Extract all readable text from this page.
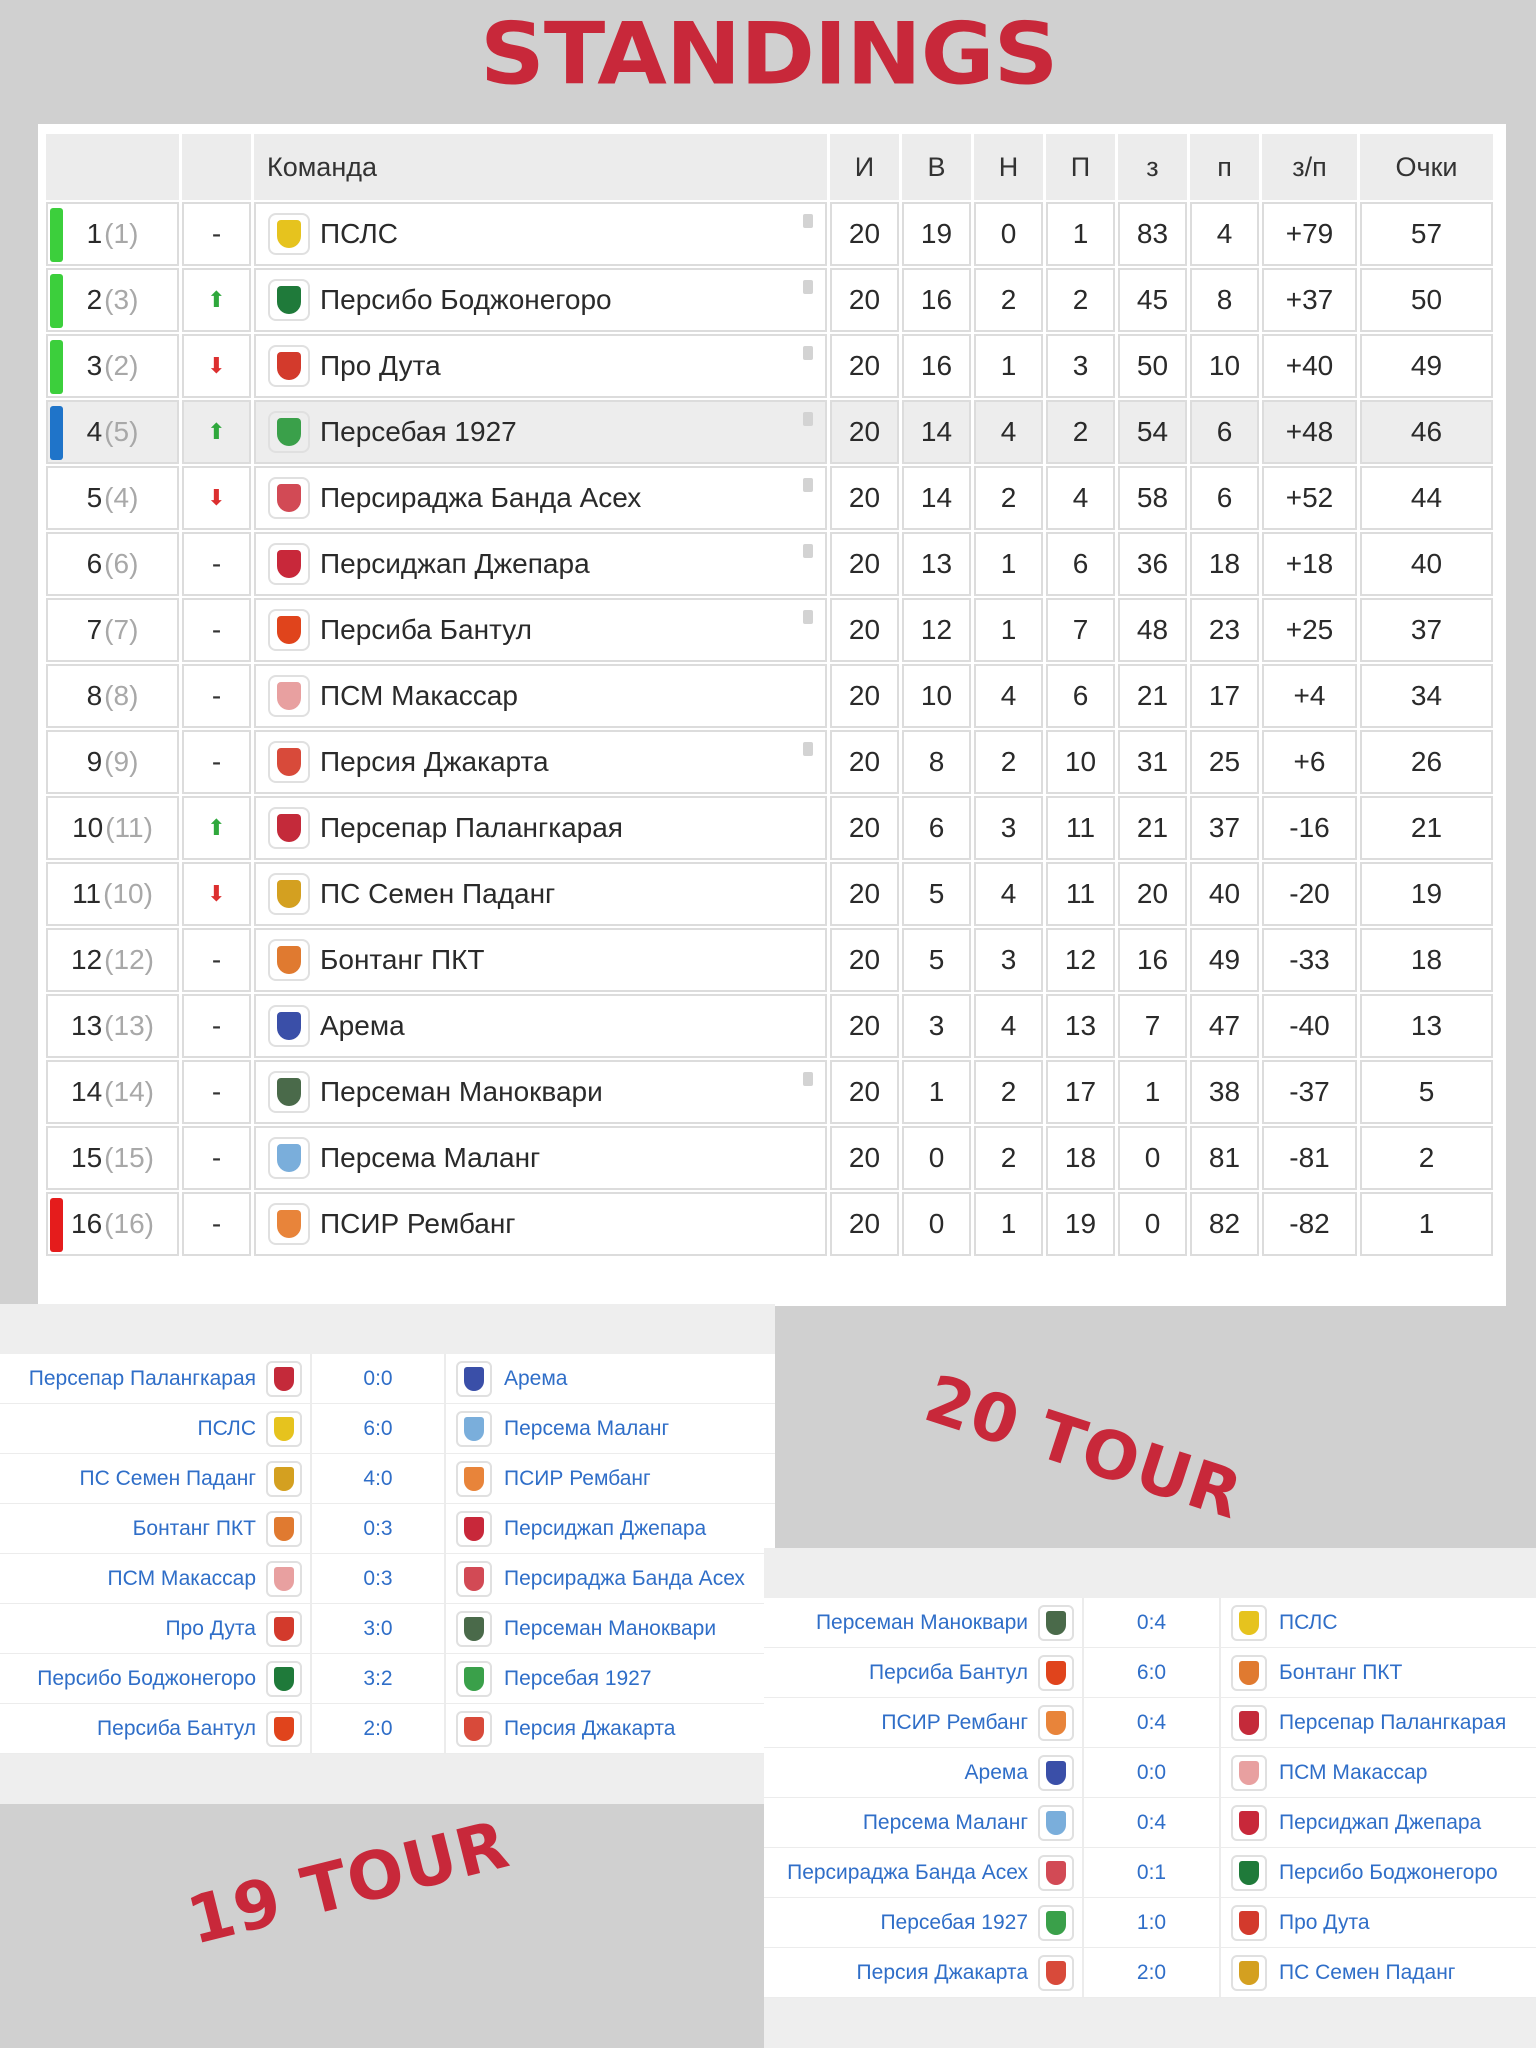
STANDINGS
Команда	И	В	Н	П	з	п	з/п	Очки
1 (1)	-	ПСЛС	20	19	0	1	83	4	+79	57
2 (3)	⬆	Персибо Боджонегоро	20	16	2	2	45	8	+37	50
3 (2)	⬇	Про Дута	20	16	1	3	50	10	+40	49
4 (5)	⬆	Персебая 1927	20	14	4	2	54	6	+48	46
5 (4)	⬇	Персираджа Банда Асех	20	14	2	4	58	6	+52	44
6 (6)	-	Персиджап Джепара	20	13	1	6	36	18	+18	40
7 (7)	-	Персиба Бантул	20	12	1	7	48	23	+25	37
8 (8)	-	ПСМ Макассар	20	10	4	6	21	17	+4	34
9 (9)	-	Персия Джакарта	20	8	2	10	31	25	+6	26
10 (11) ⬆	Персепар Палангкарая	20	6	3	11	21	37	-16	21
11 (10) ⬇	ПС Семен Паданг	20	5	4	11	20	40	-20	19
12 (12) -	Бонтанг ПКТ	20	5	3	12	16	49	-33	18
13 (13) -	Арема	20	3	4	13	7	47	-40	13
14 (14) -	Персеман Маноквари	20	1	2	17	1	38	-37	5
15 (15) -	Персема Маланг	20	0	2	18	0	81	-81	2
16 (16) -	ПСИР Рембанг	20	0	1	19	0	82	-82	1
Персепар Палангкарая	0:0	Арема
ПСЛС	6:0	Персема Маланг
ПС Семен Паданг	4:0	ПСИР Рембанг
Бонтанг ПКТ	0:3	Персиджап Джепара
ПСМ Макассар	0:3	Персираджа Банда Асех
Про Дута	3:0	Персеман Маноквари
Персибо Боджонегоро	3:2	Персебая 1927
Персиба Бантул	2:0	Персия Джакарта
Персеман Маноквари	0:4	ПСЛС
Персиба Бантул	6:0	Бонтанг ПКТ
ПСИР Рембанг	0:4	Персепар Палангкарая
Арема	0:0	ПСМ Макассар
Персема Маланг	0:4	Персиджап Джепара
Персираджа Банда Асех	0:1	Персибо Боджонегоро
Персебая 1927	1:0	Про Дута
Персия Джакарта	2:0	ПС Семен Паданг
20 TOUR
19 TOUR
